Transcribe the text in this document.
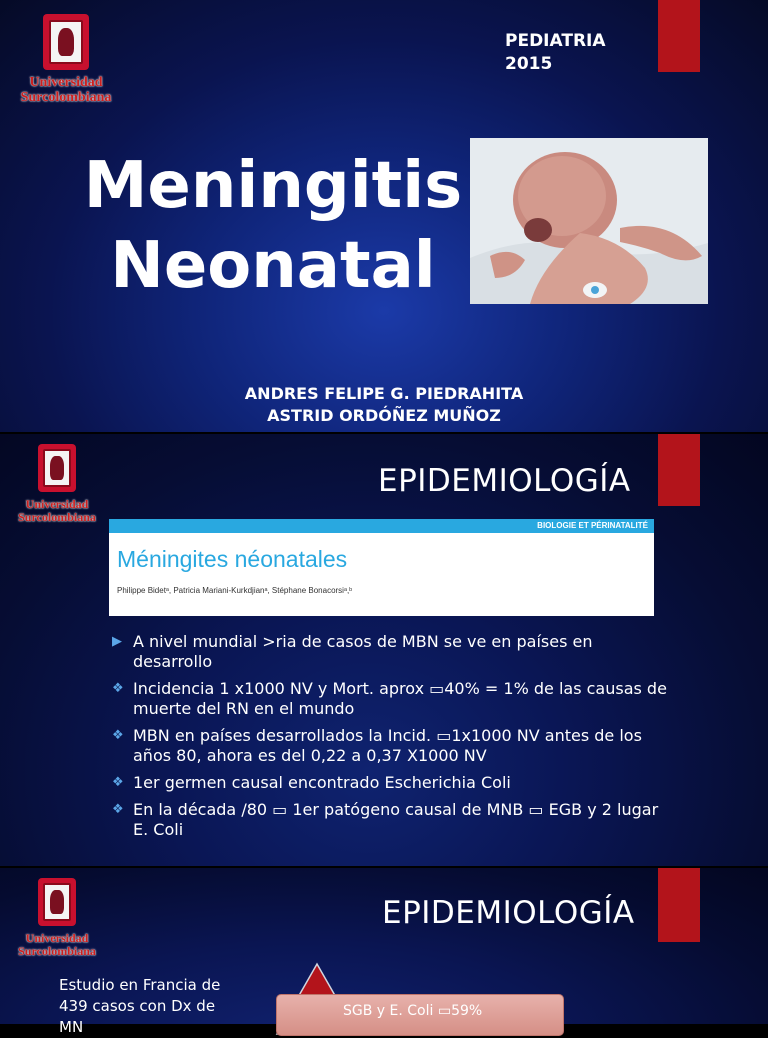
Universidad
Surcolombiana
PEDIATRIA
2015
Meningitis
Neonatal
ANDRES FELIPE G. PIEDRAHITA
ASTRID ORDÓÑEZ MUÑOZ
Universidad
Surcolombiana
EPIDEMIOLOGÍA
BIOLOGIE ET PÉRINATALITÉ
Méningites néonatales
Philippe Bidetᵃ, Patricia Mariani-Kurkdjianᵃ, Stéphane Bonacorsiᵃ,ᵇ
▶ A nivel mundial >ria de casos de MBN se ve en países en desarrollo
❖ Incidencia 1 x1000 NV y Mort. aprox ▭40% = 1% de las causas de muerte del RN en el mundo
❖ MBN en países desarrollados la Incid. ▭1x1000 NV antes de los años 80, ahora es del 0,22 a 0,37 X1000 NV
❖ 1er germen causal encontrado Escherichia Coli
❖ En la década /80 ▭ 1er patógeno causal de MNB ▭ EGB y 2 lugar E. Coli
Universidad
Surcolombiana
EPIDEMIOLOGÍA
Estudio en Francia de 439 casos con Dx de MN
SGB y E. Coli ▭59%
